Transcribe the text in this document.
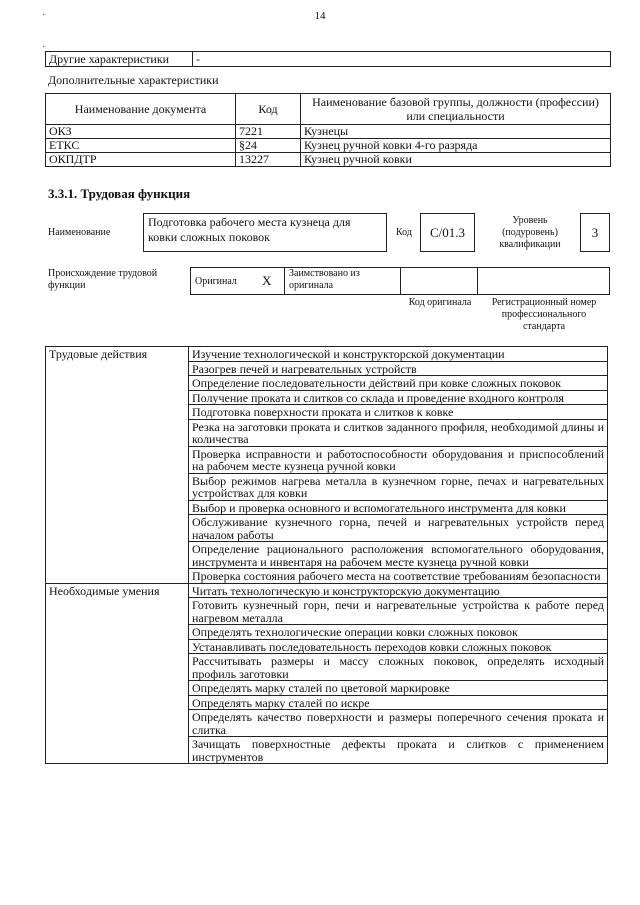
14
·
·
Другие характеристики	-
Дополнительные характеристики
Наименование документа	Код	Наименование базовой группы, должности (профессии) или специальности
ОКЗ	7221	Кузнецы
ЕТКС	§24	Кузнец ручной ковки 4-го разряда
ОКПДТР	13227	Кузнец ручной ковки
3.3.1. Трудовая функция
Наименование
Подготовка рабочего места кузнеца для ковки сложных поковок	Код	С/01.3
Уровень (подуровень) квалификации
3
Происхождение трудовой функции	Оригинал X Заимствовано из оригинала
Код оригинала	Регистрационный номер профессионального стандарта
Трудовые действия	Изучение технологической и конструкторской документации
	Разогрев печей и нагревательных устройств
	Определение последовательности действий при ковке сложных поковок
	Получение проката и слитков со склада и проведение входного контроля
	Подготовка поверхности проката и слитков к ковке
	Резка на заготовки проката и слитков заданного профиля, необходимой длины и количества
	Проверка исправности и работоспособности оборудования и приспособлений на рабочем месте кузнеца ручной ковки
	Выбор режимов нагрева металла в кузнечном горне, печах и нагревательных устройствах для ковки
	Выбор и проверка основного и вспомогательного инструмента для ковки
	Обслуживание кузнечного горна, печей и нагревательных устройств перед началом работы
	Определение рационального расположения вспомогательного оборудования, инструмента и инвентаря на рабочем месте кузнеца ручной ковки
	Проверка состояния рабочего места на соответствие требованиям безопасности
Необходимые умения	Читать технологическую и конструкторскую документацию
	Готовить кузнечный горн, печи и нагревательные устройства к работе перед нагревом металла
	Определять технологические операции ковки сложных поковок
	Устанавливать последовательность переходов ковки сложных поковок
	Рассчитывать размеры и массу сложных поковок, определять исходный профиль заготовки
	Определять марку сталей по цветовой маркировке
	Определять марку сталей по искре
	Определять качество поверхности и размеры поперечного сечения проката и слитка
	Зачищать поверхностные дефекты проката и слитков с применением инструментов
